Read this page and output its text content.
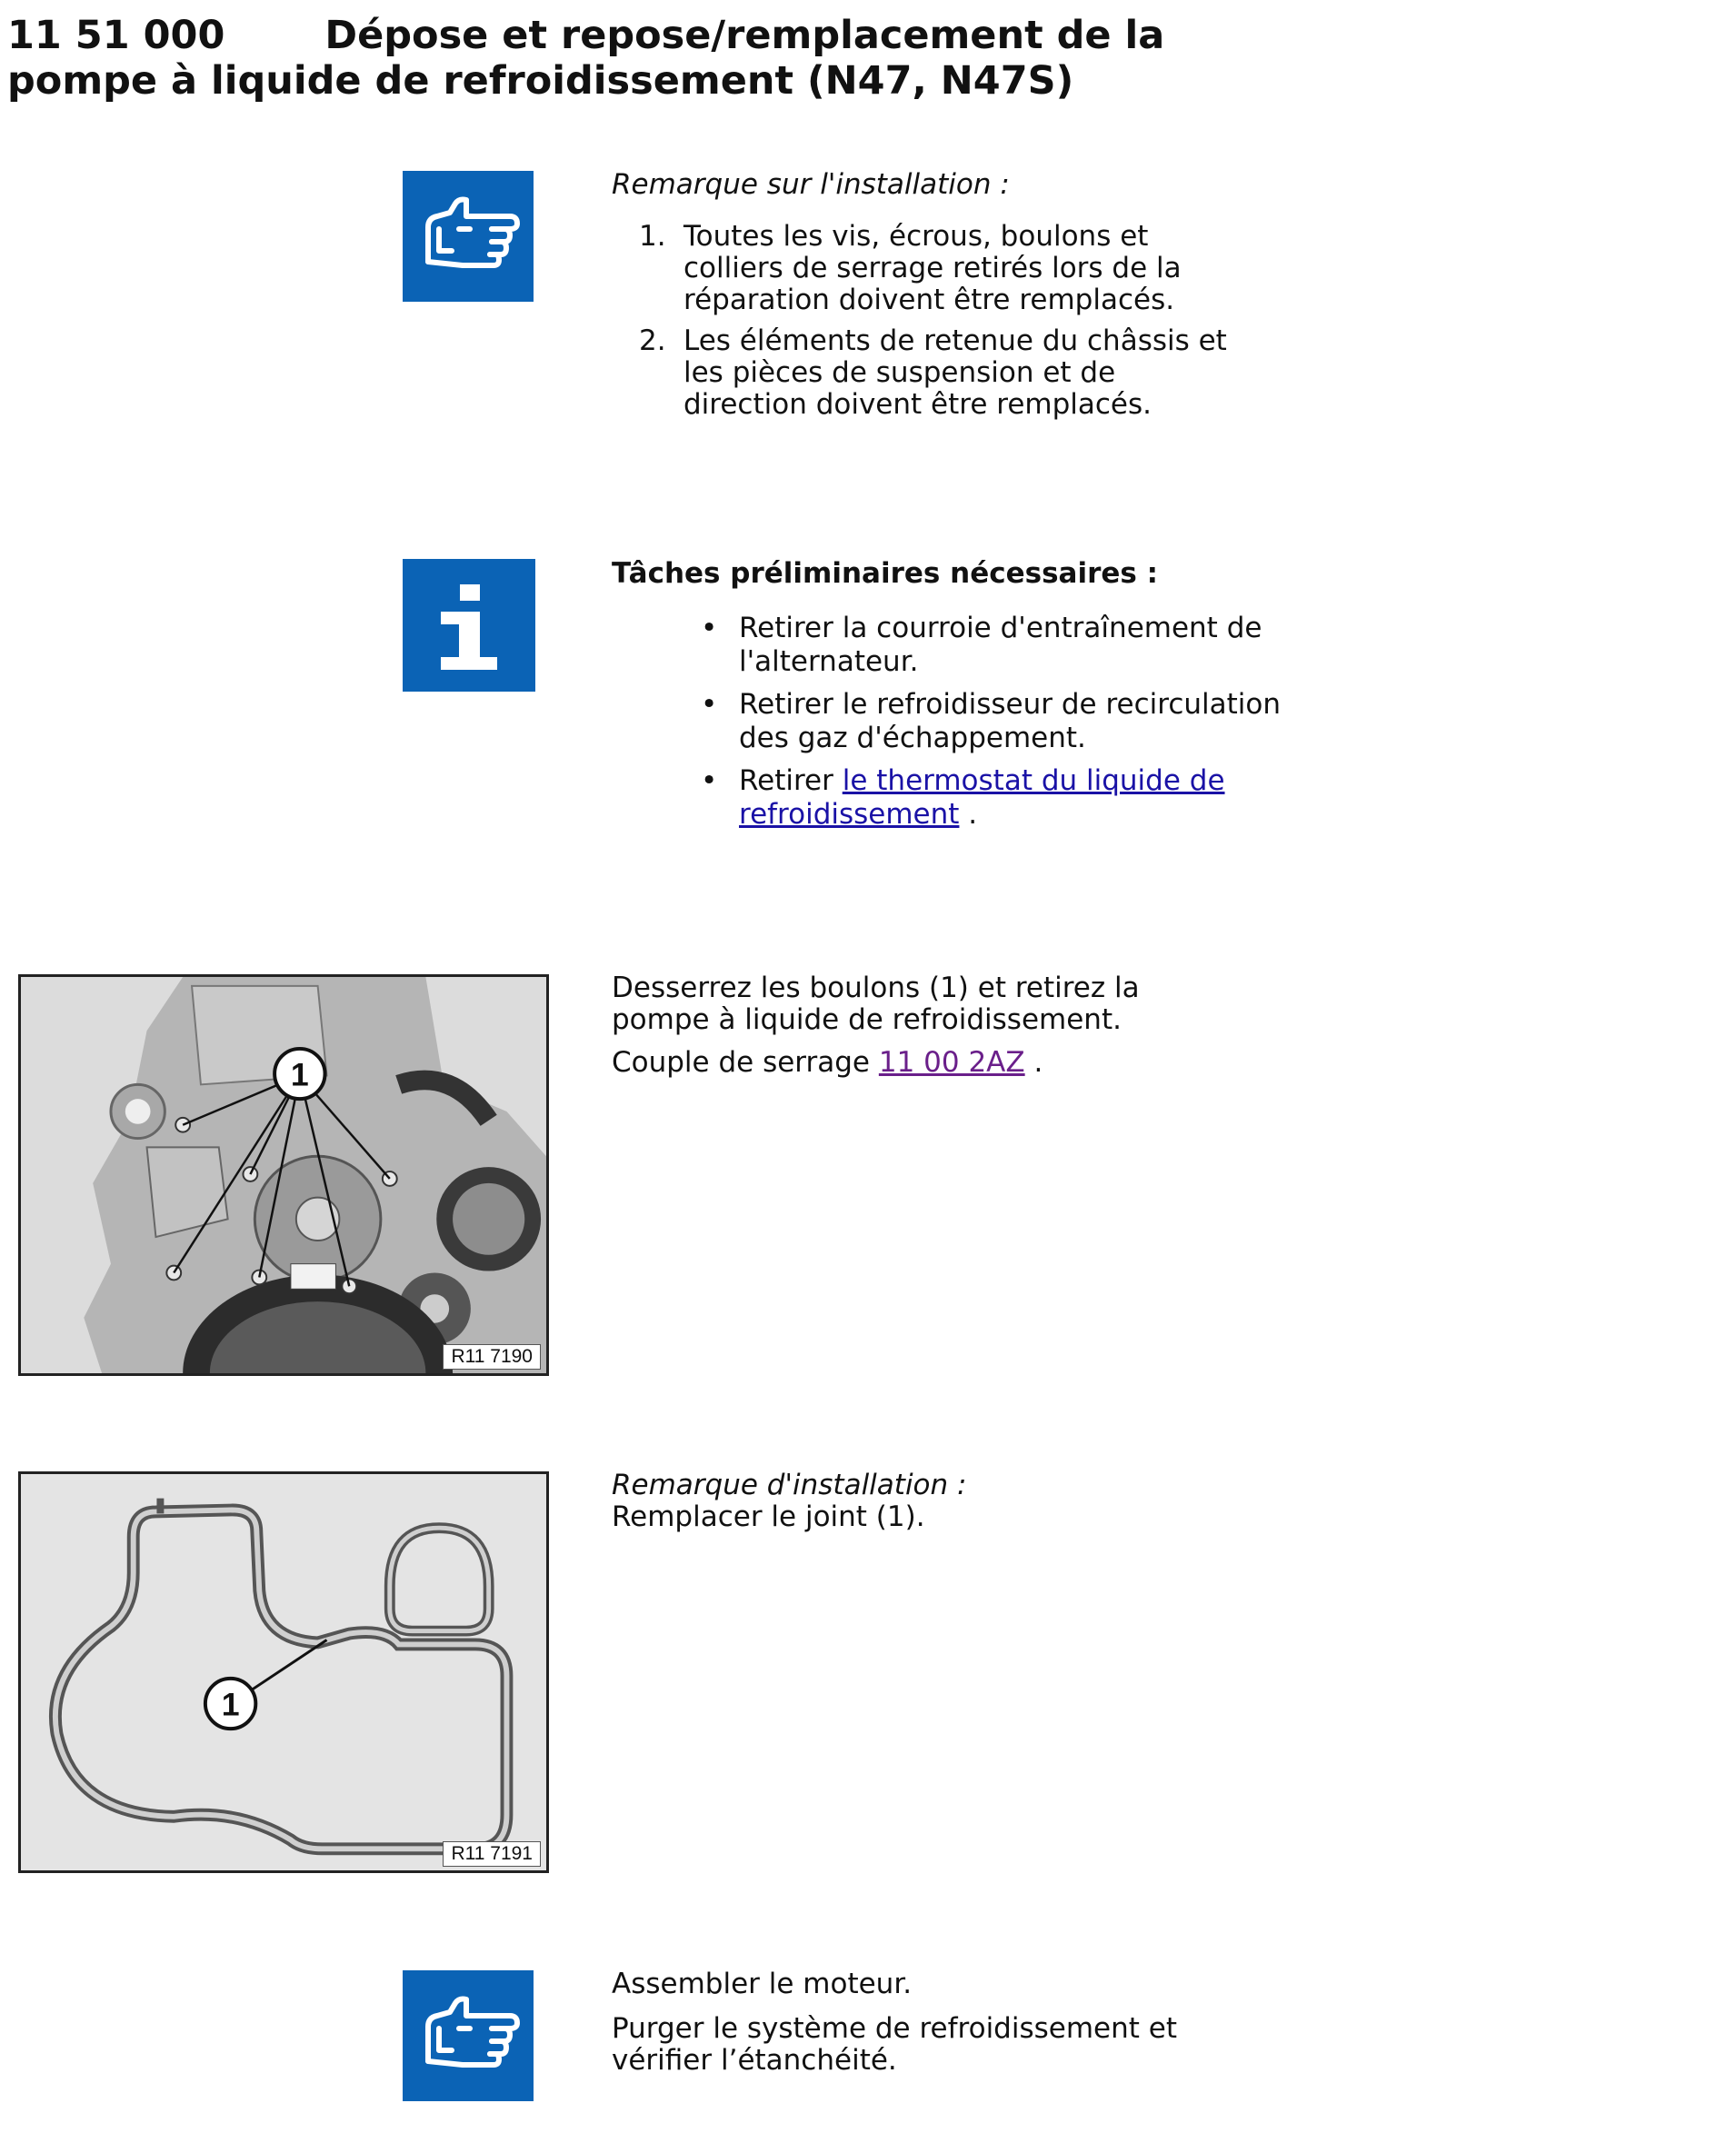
11 51 000	Dépose et repose/remplacement de la pompe à liquide de refroidissement (N47, N47S)

Remarque sur l'installation :

1. Toutes les vis, écrous, boulons et colliers de serrage retirés lors de la réparation doivent être remplacés.
2. Les éléments de retenue du châssis et les pièces de suspension et de direction doivent être remplacés.

Tâches préliminaires nécessaires :

• Retirer la courroie d'entraînement de l'alternateur.
• Retirer le refroidisseur de recirculation des gaz d'échappement.
• Retirer le thermostat du liquide de refroidissement .
1
R11 7190

Desserrez les boulons (1) et retirez la pompe à liquide de refroidissement.

Couple de serrage 11 00 2AZ .

1
R11 7191

Remarque d'installation :

Remplacer le joint (1).

Assembler le moteur.

Purger le système de refroidissement et vérifier l’étanchéité.
